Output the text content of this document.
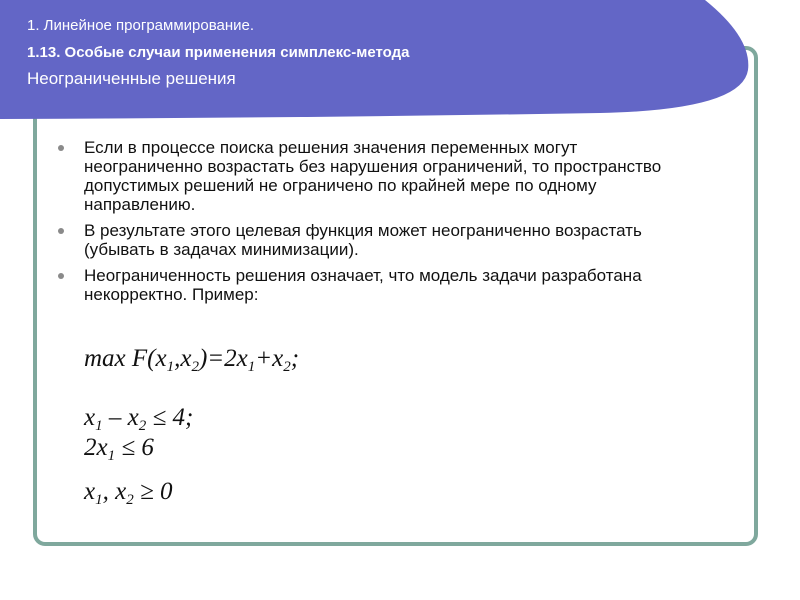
1. Линейное программирование.
1.13. Особые случаи применения симплекс-метода
Неограниченные решения
Если в процессе поиска решения значения переменных могут неограниченно возрастать без нарушения ограничений, то пространство допустимых решений не ограничено по крайней мере по одному направлению.
В результате этого целевая функция может неограниченно возрастать (убывать в задачах минимизации).
Неограниченность решения означает, что модель задачи разработана некорректно. Пример:
$\max F(x_1,x_2)=2x_1+x_2$;
$x_1 - x_2 \le 4$;
$2x_1 \le 6$
$x_1$, $x_2 \ge 0$
